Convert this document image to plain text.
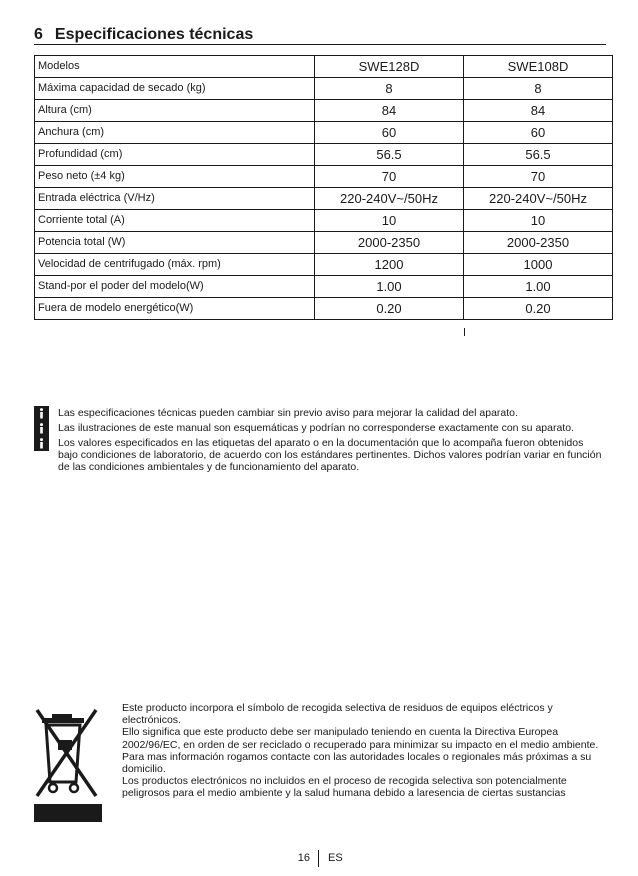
6 Especificaciones técnicas
Modelos	SWE128D	SWE108D
Máxima capacidad de secado (kg)	8	8
Altura (cm)	84	84
Anchura (cm)	60	60
Profundidad (cm)	56.5	56.5
Peso neto (±4 kg)	70	70
Entrada eléctrica (V/Hz)	220-240V~/50Hz	220-240V~/50Hz
Corriente total (A)	10	10
Potencia total (W)	2000-2350	2000-2350
Velocidad de centrifugado (máx. rpm)	1200	1000
Stand-por el poder del modelo(W)	1.00	1.00
Fuera de modelo energético(W)	0.20	0.20
Las especificaciones técnicas pueden cambiar sin previo aviso para mejorar la calidad del aparato.
Las ilustraciones de este manual son esquemáticas y podrían no corresponderse exactamente con su aparato.
Los valores especificados en las etiquetas del aparato o en la documentación que lo acompaña fueron obtenidos bajo condiciones de laboratorio, de acuerdo con los estándares pertinentes. Dichos valores podrían variar en función de las condiciones ambientales y de funcionamiento del aparato.
Este producto incorpora el símbolo de recogida selectiva de residuos de equipos eléctricos y electrónicos.
Ello significa que este producto debe ser manipulado teniendo en cuenta la Directiva Europea 2002/96/EC, en orden de ser reciclado o recuperado para minimizar su impacto en el medio ambiente. Para mas información rogamos contacte con las autoridades locales o regionales más próximas a su domicilio.
Los productos electrónicos no incluidos en el proceso de recogida selectiva son potencialmente peligrosos para el medio ambiente y la salud humana debido a laresencia de ciertas sustancias
16 ES
